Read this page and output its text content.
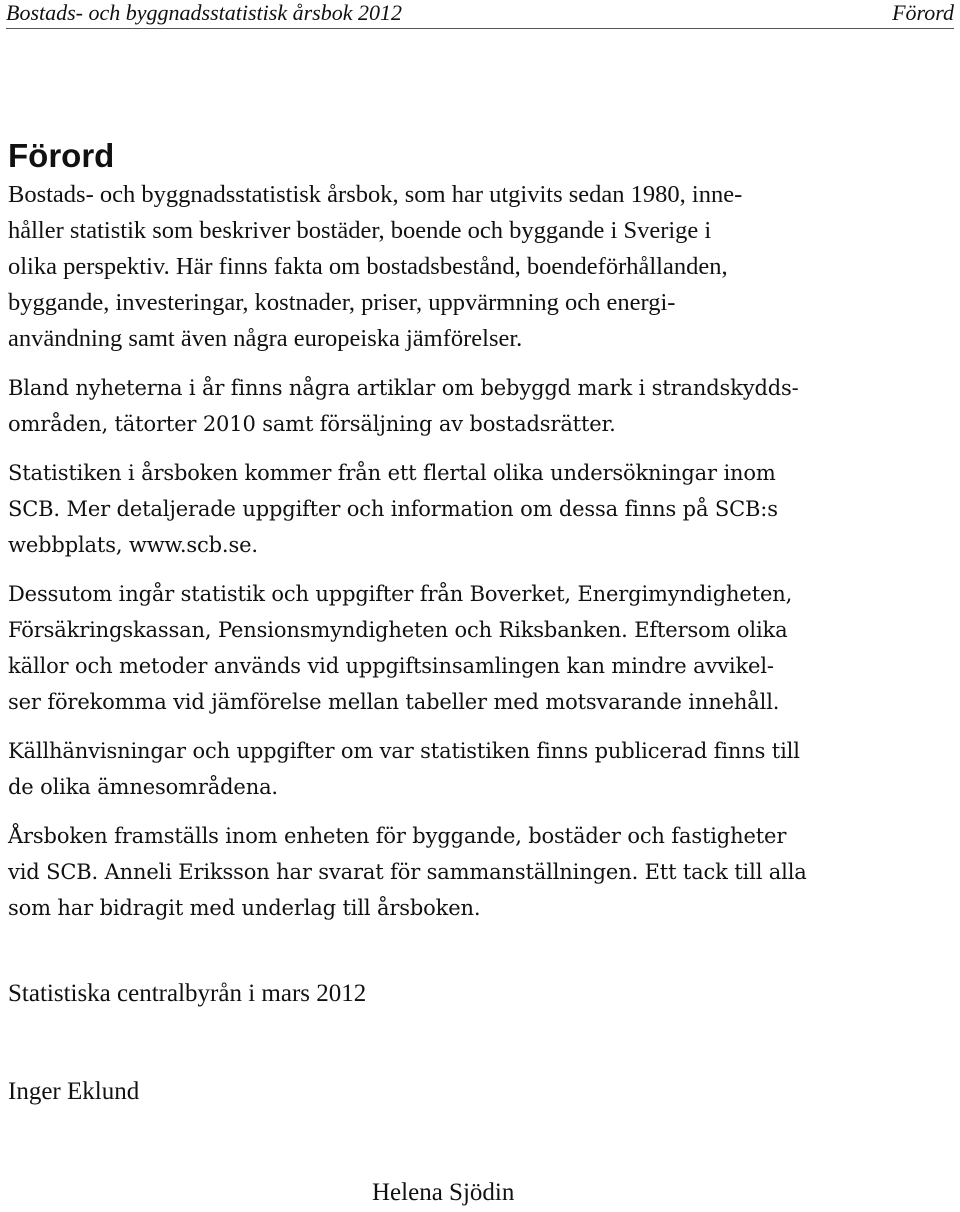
Bostads- och byggnadsstatistisk årsbok 2012	Förord
Förord

Bostads- och byggnadsstatistisk årsbok, som har utgivits sedan 1980, inne-
håller statistik som beskriver bostäder, boende och byggande i Sverige i
olika perspektiv. Här finns fakta om bostadsbestånd, boendeförhållanden,
byggande, investeringar, kostnader, priser, uppvärmning och energi-
användning samt även några europeiska jämförelser.

Bland nyheterna i år finns några artiklar om bebyggd mark i strandskydds-
områden, tätorter 2010 samt försäljning av bostadsrätter.

Statistiken i årsboken kommer från ett flertal olika undersökningar inom
SCB. Mer detaljerade uppgifter och information om dessa finns på SCB:s
webbplats, www.scb.se.

Dessutom ingår statistik och uppgifter från Boverket, Energimyndigheten,
Försäkringskassan, Pensionsmyndigheten och Riksbanken. Eftersom olika
källor och metoder används vid uppgiftsinsamlingen kan mindre avvikel-
ser förekomma vid jämförelse mellan tabeller med motsvarande innehåll.

Källhänvisningar och uppgifter om var statistiken finns publicerad finns till
de olika ämnesområdena.

Årsboken framställs inom enheten för byggande, bostäder och fastigheter
vid SCB. Anneli Eriksson har svarat för sammanställningen. Ett tack till alla
som har bidragit med underlag till årsboken.

Statistiska centralbyrån i mars 2012
Inger Eklund
Helena Sjödin
